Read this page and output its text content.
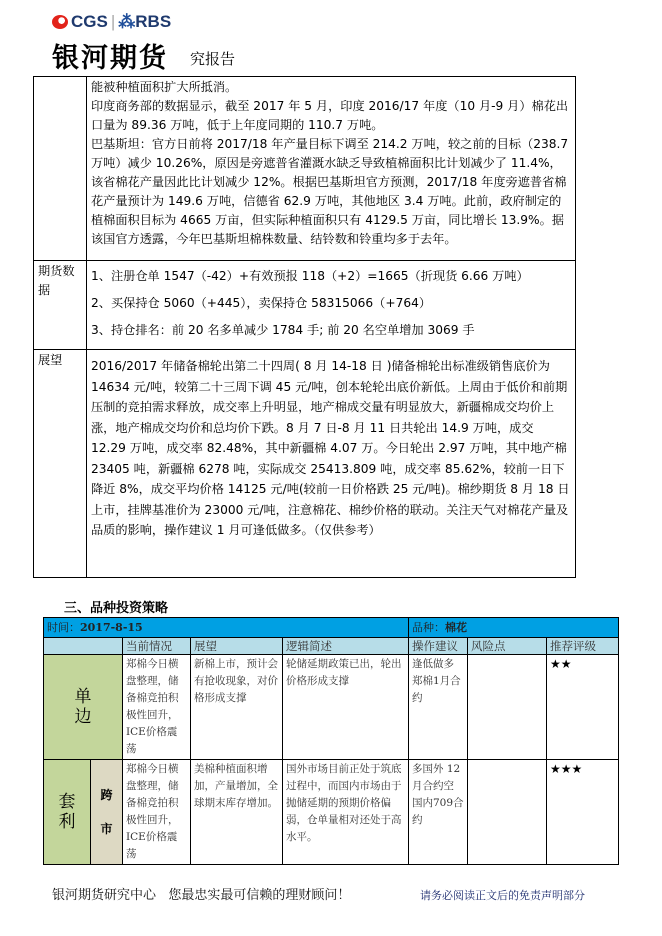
CGS | ⁂RBS
银河期货 究报告

	能被种植面积扩大所抵消。

印度商务部的数据显示，截至 2017 年 5 月，印度 2016/17 年度（10 月-9 月）棉花出口量为 89.36 万吨，低于上年度同期的 110.7 万吨。

巴基斯坦：官方日前将 2017/18 年产量目标下调至 214.2 万吨，较之前的目标（238.7 万吨）减少 10.26%，原因是旁遮普省灌溉水缺乏导致植棉面积比计划减少了 11.4%，该省棉花产量因此比计划减少 12%。根据巴基斯坦官方预测，2017/18 年度旁遮普省棉花产量预计为 149.6 万吨，信德省 62.9 万吨，其他地区 3.4 万吨。此前，政府制定的植棉面积目标为 4665 万亩，但实际种植面积只有 4129.5 万亩，同比增长 13.9%。据该国官方透露，今年巴基斯坦棉株数量、结铃数和铃重均多于去年。

期货数据	1、注册仓单 1547（-42）+有效预报 118（+2）=1665（折现货 6.66 万吨）

2、买保持仓 5060（+445），卖保持仓 58315066（+764）

3、持仓排名：前 20 名多单减少 1784 手; 前 20 名空单增加 3069 手

展望	2016/2017 年储备棉轮出第二十四周( 8 月 14-18 日 )储备棉轮出标准级销售底价为 14634 元/吨，较第二十三周下调 45 元/吨，创本轮轮出底价新低。上周由于低价和前期压制的竞拍需求释放，成交率上升明显，地产棉成交量有明显放大，新疆棉成交均价上涨，地产棉成交均价和总均价下跌。8 月 7 日-8 月 11 日共轮出 14.9 万吨，成交 12.29 万吨，成交率 82.48%，其中新疆棉 4.07 万。今日轮出 2.97 万吨，其中地产棉 23405 吨，新疆棉 6278 吨，实际成交 25413.809 吨，成交率 85.62%，较前一日下降近 8%，成交平均价格 14125 元/吨(较前一日价格跌 25 元/吨)。棉纱期货 8 月 18 日上市，挂牌基准价为 23000 元/吨，注意棉花、棉纱价格的联动。关注天气对棉花产量及品质的影响，操作建议 1 月可逢低做多。（仅供参考）

三、品种投资策略
时间：2017-8-15					品种：棉花		
		当前情况	展望	逻辑简述	操作建议	风险点	推荐评级

单边		郑棉今日横盘整理，储备棉竞拍积极性回升，ICE价格震荡	新棉上市，预计会有抢收现象，对价格形成支撑	轮储延期政策已出，轮出价格形成支撑	逢低做多郑棉1月合约		★★

套利	跨市	郑棉今日横盘整理，储备棉竞拍积极性回升，ICE价格震荡	美棉种植面积增加，产量增加，全球期末库存增加。	国外市场目前正处于筑底过程中，而国内市场由于抛储延期的预期价格偏弱，仓单量相对还处于高水平。	多国外 12 月合约空国内709合约		★★★
银河期货研究中心   您最忠实最可信赖的理财顾问！	请务必阅读正文后的免责声明部分
